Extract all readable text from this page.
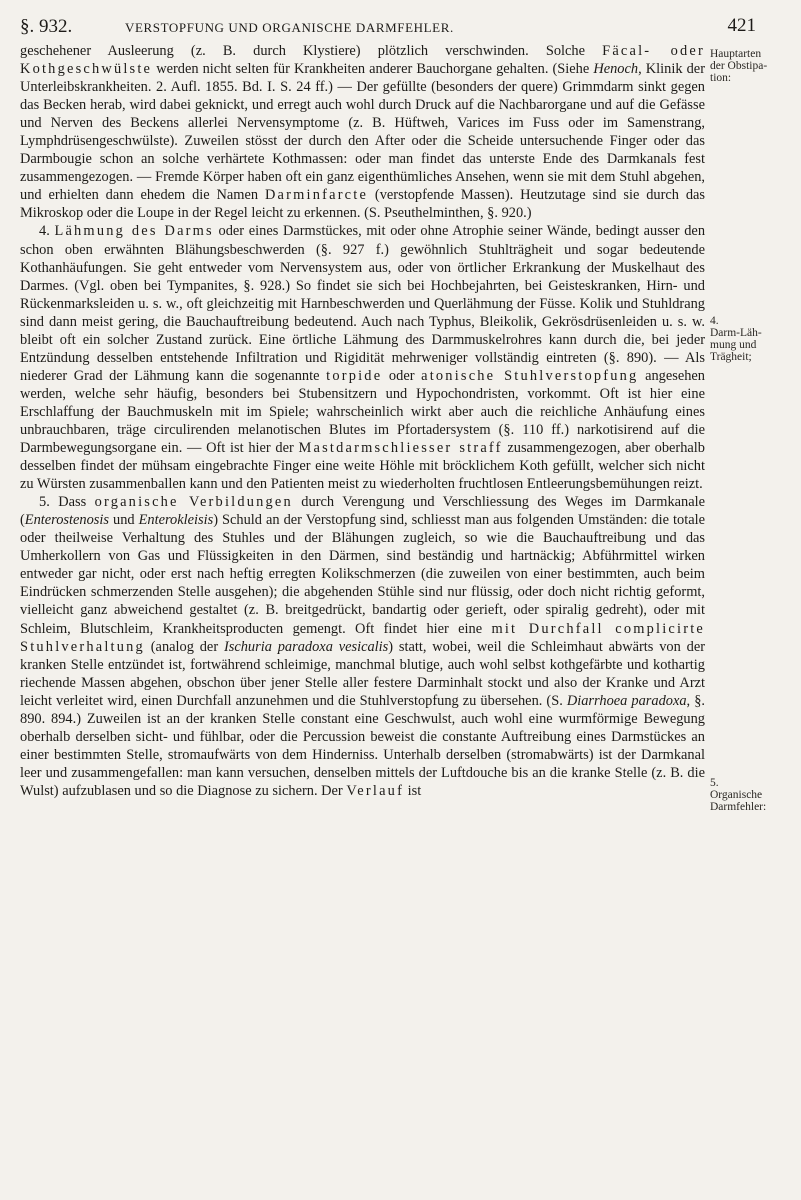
§. 932.	VERSTOPFUNG UND ORGANISCHE DARMFEHLER.	421

geschehener Ausleerung (z. B. durch Klystiere) plötzlich verschwinden. Solche Fäcal- oder Kothgeschwülste werden nicht selten für Krankheiten anderer Bauchorgane gehalten. (Siehe Henoch, Klinik der Unterleibskrankheiten. 2. Aufl. 1855. Bd. I. S. 24 ff.) — Der gefüllte (besonders der quere) Grimmdarm sinkt gegen das Becken herab, wird dabei geknickt, und erregt auch wohl durch Druck auf die Nachbarorgane und auf die Gefässe und Nerven des Beckens allerlei Nervensymptome (z. B. Hüftweh, Varices im Fuss oder im Samenstrang, Lymphdrüsengeschwülste). Zuweilen stösst der durch den After oder die Scheide untersuchende Finger oder das Darmbougie schon an solche verhärtete Kothmassen: oder man findet das unterste Ende des Darmkanals fest zusammengezogen. — Fremde Körper haben oft ein ganz eigenthümliches Ansehen, wenn sie mit dem Stuhl abgehen, und erhielten dann ehedem die Namen Darminfarcte (verstopfende Massen). Heutzutage sind sie durch das Mikroskop oder die Loupe in der Regel leicht zu erkennen. (S. Pseuthelminthen, §. 920.)

4. Lähmung des Darms oder eines Darmstückes, mit oder ohne Atrophie seiner Wände, bedingt ausser den schon oben erwähnten Blähungsbeschwerden (§. 927 f.) gewöhnlich Stuhlträgheit und sogar bedeutende Kothanhäufungen. Sie geht entweder vom Nervensystem aus, oder von örtlicher Erkrankung der Muskelhaut des Darmes. (Vgl. oben bei Tympanites, §. 928.) So findet sie sich bei Hochbejahrten, bei Geisteskranken, Hirn- und Rückenmarksleiden u. s. w., oft gleichzeitig mit Harnbeschwerden und Querlähmung der Füsse. Kolik und Stuhldrang sind dann meist gering, die Bauchauftreibung bedeutend. Auch nach Typhus, Bleikolik, Gekrösdrüsenleiden u. s. w. bleibt oft ein solcher Zustand zurück. Eine örtliche Lähmung des Darmmuskelrohres kann durch die, bei jeder Entzündung desselben entstehende Infiltration und Rigidität mehrweniger vollständig eintreten (§. 890). — Als niederer Grad der Lähmung kann die sogenannte torpide oder atonische Stuhlverstopfung angesehen werden, welche sehr häufig, besonders bei Stubensitzern und Hypochondristen, vorkommt. Oft ist hier eine Erschlaffung der Bauchmuskeln mit im Spiele; wahrscheinlich wirkt aber auch die reichliche Anhäufung eines unbrauchbaren, träge circulirenden melanotischen Blutes im Pfortadersystem (§. 110 ff.) narkotisirend auf die Darmbewegungsorgane ein. — Oft ist hier der Mastdarmschliesser straff zusammengezogen, aber oberhalb desselben findet der mühsam eingebrachte Finger eine weite Höhle mit bröcklichem Koth gefüllt, welcher sich nicht zu Würsten zusammenballen kann und den Patienten meist zu wiederholten fruchtlosen Entleerungsbemühungen reizt.

5. Dass organische Verbildungen durch Verengung und Verschliessung des Weges im Darmkanale (Enterostenosis und Enterokleisis) Schuld an der Verstopfung sind, schliesst man aus folgenden Umständen: die totale oder theilweise Verhaltung des Stuhles und der Blähungen zugleich, so wie die Bauchauftreibung und das Umherkollern von Gas und Flüssigkeiten in den Därmen, sind beständig und hartnäckig; Abführmittel wirken entweder gar nicht, oder erst nach heftig erregten Kolikschmerzen (die zuweilen von einer bestimmten, auch beim Eindrücken schmerzenden Stelle ausgehen); die abgehenden Stühle sind nur flüssig, oder doch nicht richtig geformt, vielleicht ganz abweichend gestaltet (z. B. breitgedrückt, bandartig oder gerieft, oder spiralig gedreht), oder mit Schleim, Blutschleim, Krankheitsproducten gemengt. Oft findet hier eine mit Durchfall complicirte Stuhlverhaltung (analog der Ischuria paradoxa vesicalis) statt, wobei, weil die Schleimhaut abwärts von der kranken Stelle entzündet ist, fortwährend schleimige, manchmal blutige, auch wohl selbst kothgefärbte und kothartig riechende Massen abgehen, obschon über jener Stelle aller festere Darminhalt stockt und also der Kranke und Arzt leicht verleitet wird, einen Durchfall anzunehmen und die Stuhlverstopfung zu übersehen. (S. Diarrhoea paradoxa, §. 890. 894.) Zuweilen ist an der kranken Stelle constant eine Geschwulst, auch wohl eine wurmförmige Bewegung oberhalb derselben sicht- und fühlbar, oder die Percussion beweist die constante Auftreibung eines Darmstückes an einer bestimmten Stelle, stromaufwärts von dem Hinderniss. Unterhalb derselben (stromabwärts) ist der Darmkanal leer und zusammengefallen: man kann versuchen, denselben mittels der Luftdouche bis an die kranke Stelle (z. B. die Wulst) aufzublasen und so die Diagnose zu sichern. Der Verlauf ist

Hauptarten
der Obstipa-
tion:
4.
Darm-Läh-
mung und
Trägheit;
5.
Organische
Darmfehler:
